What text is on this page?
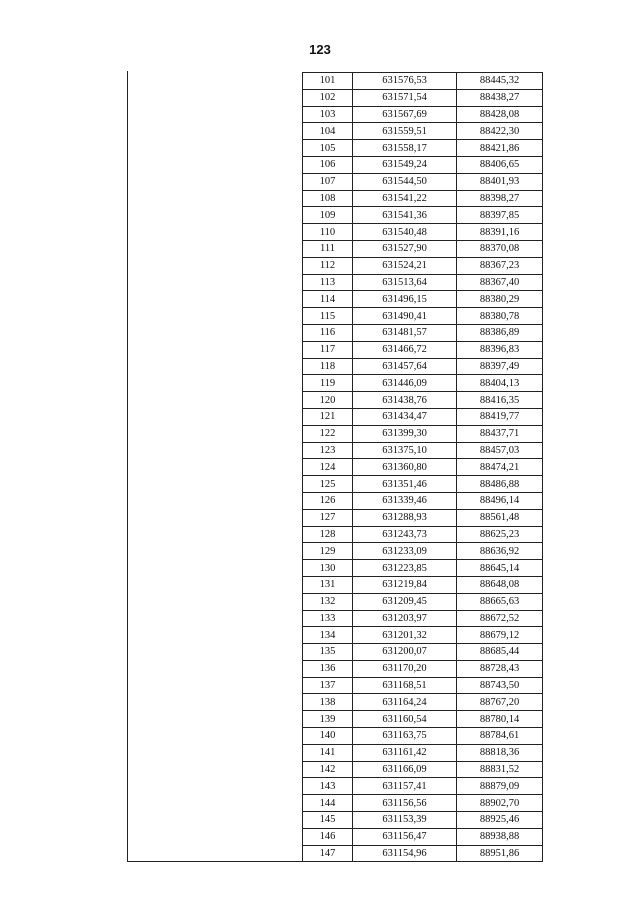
123
101	631576,53	88445,32
102	631571,54	88438,27
103	631567,69	88428,08
104	631559,51	88422,30
105	631558,17	88421,86
106	631549,24	88406,65
107	631544,50	88401,93
108	631541,22	88398,27
109	631541,36	88397,85
110	631540,48	88391,16
111	631527,90	88370,08
112	631524,21	88367,23
113	631513,64	88367,40
114	631496,15	88380,29
115	631490,41	88380,78
116	631481,57	88386,89
117	631466,72	88396,83
118	631457,64	88397,49
119	631446,09	88404,13
120	631438,76	88416,35
121	631434,47	88419,77
122	631399,30	88437,71
123	631375,10	88457,03
124	631360,80	88474,21
125	631351,46	88486,88
126	631339,46	88496,14
127	631288,93	88561,48
128	631243,73	88625,23
129	631233,09	88636,92
130	631223,85	88645,14
131	631219,84	88648,08
132	631209,45	88665,63
133	631203,97	88672,52
134	631201,32	88679,12
135	631200,07	88685,44
136	631170,20	88728,43
137	631168,51	88743,50
138	631164,24	88767,20
139	631160,54	88780,14
140	631163,75	88784,61
141	631161,42	88818,36
142	631166,09	88831,52
143	631157,41	88879,09
144	631156,56	88902,70
145	631153,39	88925,46
146	631156,47	88938,88
147	631154,96	88951,86
